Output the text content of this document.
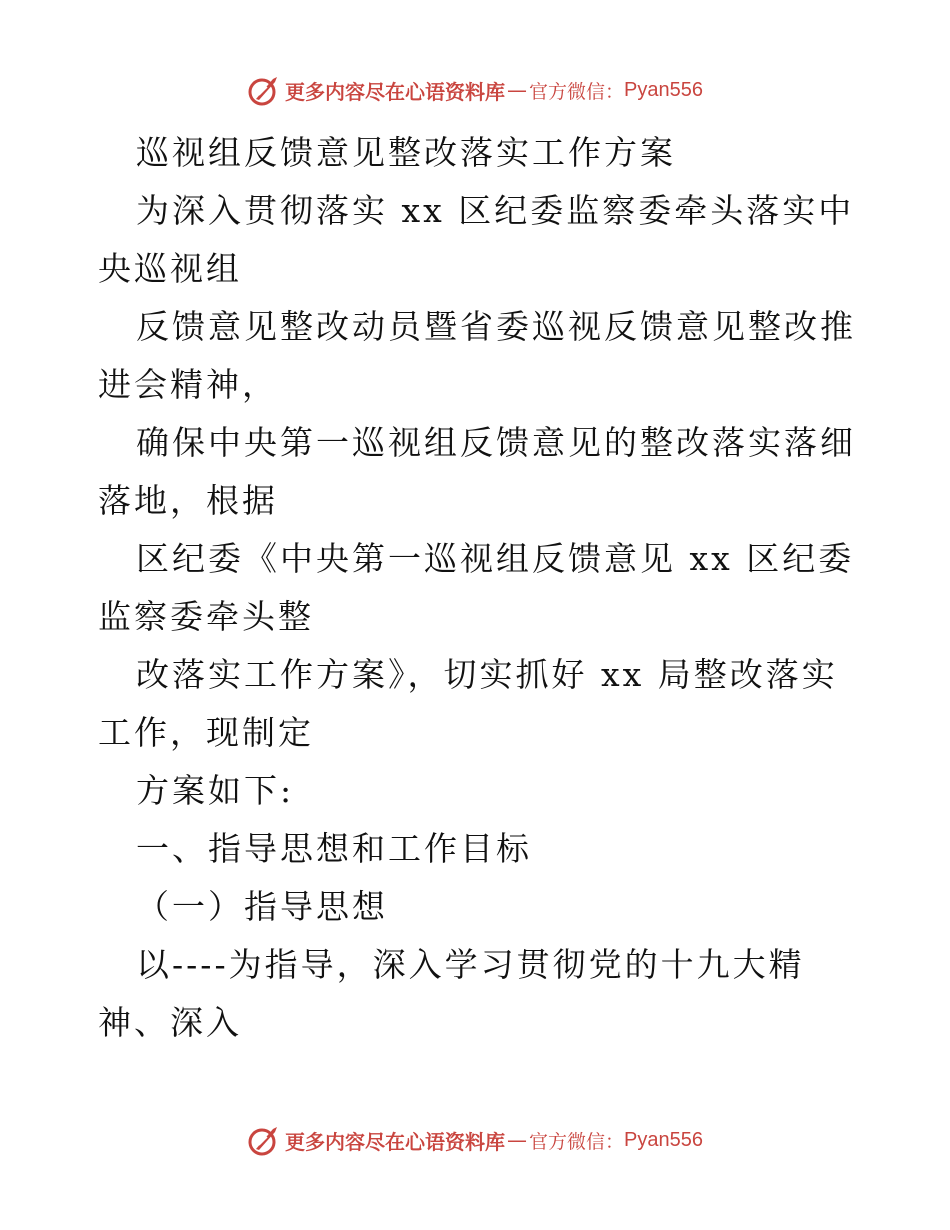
更多内容尽在心语资料库 — 官方微信： Pyan556

巡视组反馈意见整改落实工作方案

为深入贯彻落实 xx 区纪委监察委牵头落实中央巡视组

反馈意见整改动员暨省委巡视反馈意见整改推进会精神，

确保中央第一巡视组反馈意见的整改落实落细落地，根据

区纪委《中央第一巡视组反馈意见 xx 区纪委监察委牵头整

改落实工作方案》，切实抓好 xx 局整改落实工作，现制定

方案如下:

一、指导思想和工作目标

（一）指导思想

以----为指导，深入学习贯彻党的十九大精神、深入

更多内容尽在心语资料库 — 官方微信： Pyan556
